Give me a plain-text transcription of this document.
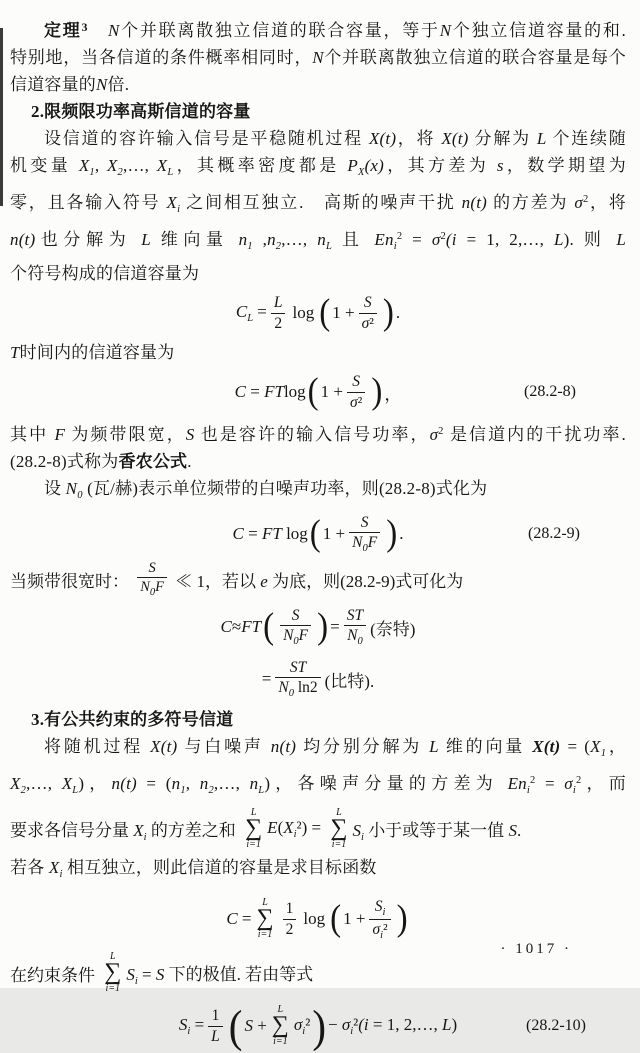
定理$^3$　 N个并联离散独立信道的联合容量，等于N个独立信道容量的和.
特别地，当各信道的条件概率相同时，N个并联离散独立信道的联合容量是每个
信道容量的N倍.
2.限频限功率高斯信道的容量
设信道的容许输入信号是平稳随机过程 X(t)，将 X(t) 分解为 L 个连续随
机变量 $X_1$, $X_2,\dots$, $X_L$，其概率密度都是 $P_X(x)$，其方差为 s，数学期望为
零，且各输入符号 $X_i$ 之间相互独立.　高斯的噪声干扰 n(t) 的方差为 $\sigma^2$，将
n(t)也分解为 L 维向量 $n_1$ $,n_2,\dots$, $n_L$ 且 $En_i^2 = \sigma^2(i = 1$, 2,…, L). 则 L
个符号构成的信道容量为
$C_L = \frac{L}{2}$ log ( $1 + \frac{S}{\text{σ²}}$ ) .
T时间内的信道容量为
C = FTlog ( $1 + \frac{S}{\text{σ²}}$ ) ，	(28.2-8)
其中 F 为频带限宽，S 也是容许的输入信号功率，$\sigma^2$ 是信道内的干扰功率.
(28.2-8)式称为香农公式.
设 $N_0$ (瓦/赫)表示单位频带的白噪声功率，则(28.2-8)式化为
C = FT log ( $1 + \frac{S}{N_0F}$ ) .	(28.2-9)
当频带很宽时： $\frac{S}{N_0F}$ ≪ 1，若以 e 为底，则(28.2-9)式可化为
C≈FT ( $\frac{S}{N_0F}$ ) = $\frac{ST}{N_0}$ (奈特)
= $\frac{ST}{N_0 \ln 2}$ (比特).
3.有公共约束的多符号信道
将随机过程 X(t) 与白噪声 n(t) 均分别分解为 L 维的向量 $X(t) = (X_1$，
$X_2,\dots$, $X_L$)，$n(t) = (n_1$, $n_2,\dots$, $n_L$)，各噪声分量的方差为 $En_i^2 = \sigma_i^2$，而
要求各信号分量 $X_i$ 的方差之和
L
∑
i=1
$E(X_i^2)$ =
L
∑
i=1
$S_i$ 小于或等于某一值 S.
若各 $X_i$ 相互独立，则此信道的容量是求目标函数
C =
L
∑
$i=1 \frac{1}{2}$ log ( $1 + \frac{S_i}{\sigma_i^2}$ )
在约束条件
L
∑
i=1
$S_i = S$ 下的极值. 若由等式
$S_i = \frac{1}{L}$ ( S +
L
∑
i=1
$\sigma_i^2$ ) − $\sigma_i^2(i = 1$, 2,…, L)	(28.2-10)
· 1017 ·
